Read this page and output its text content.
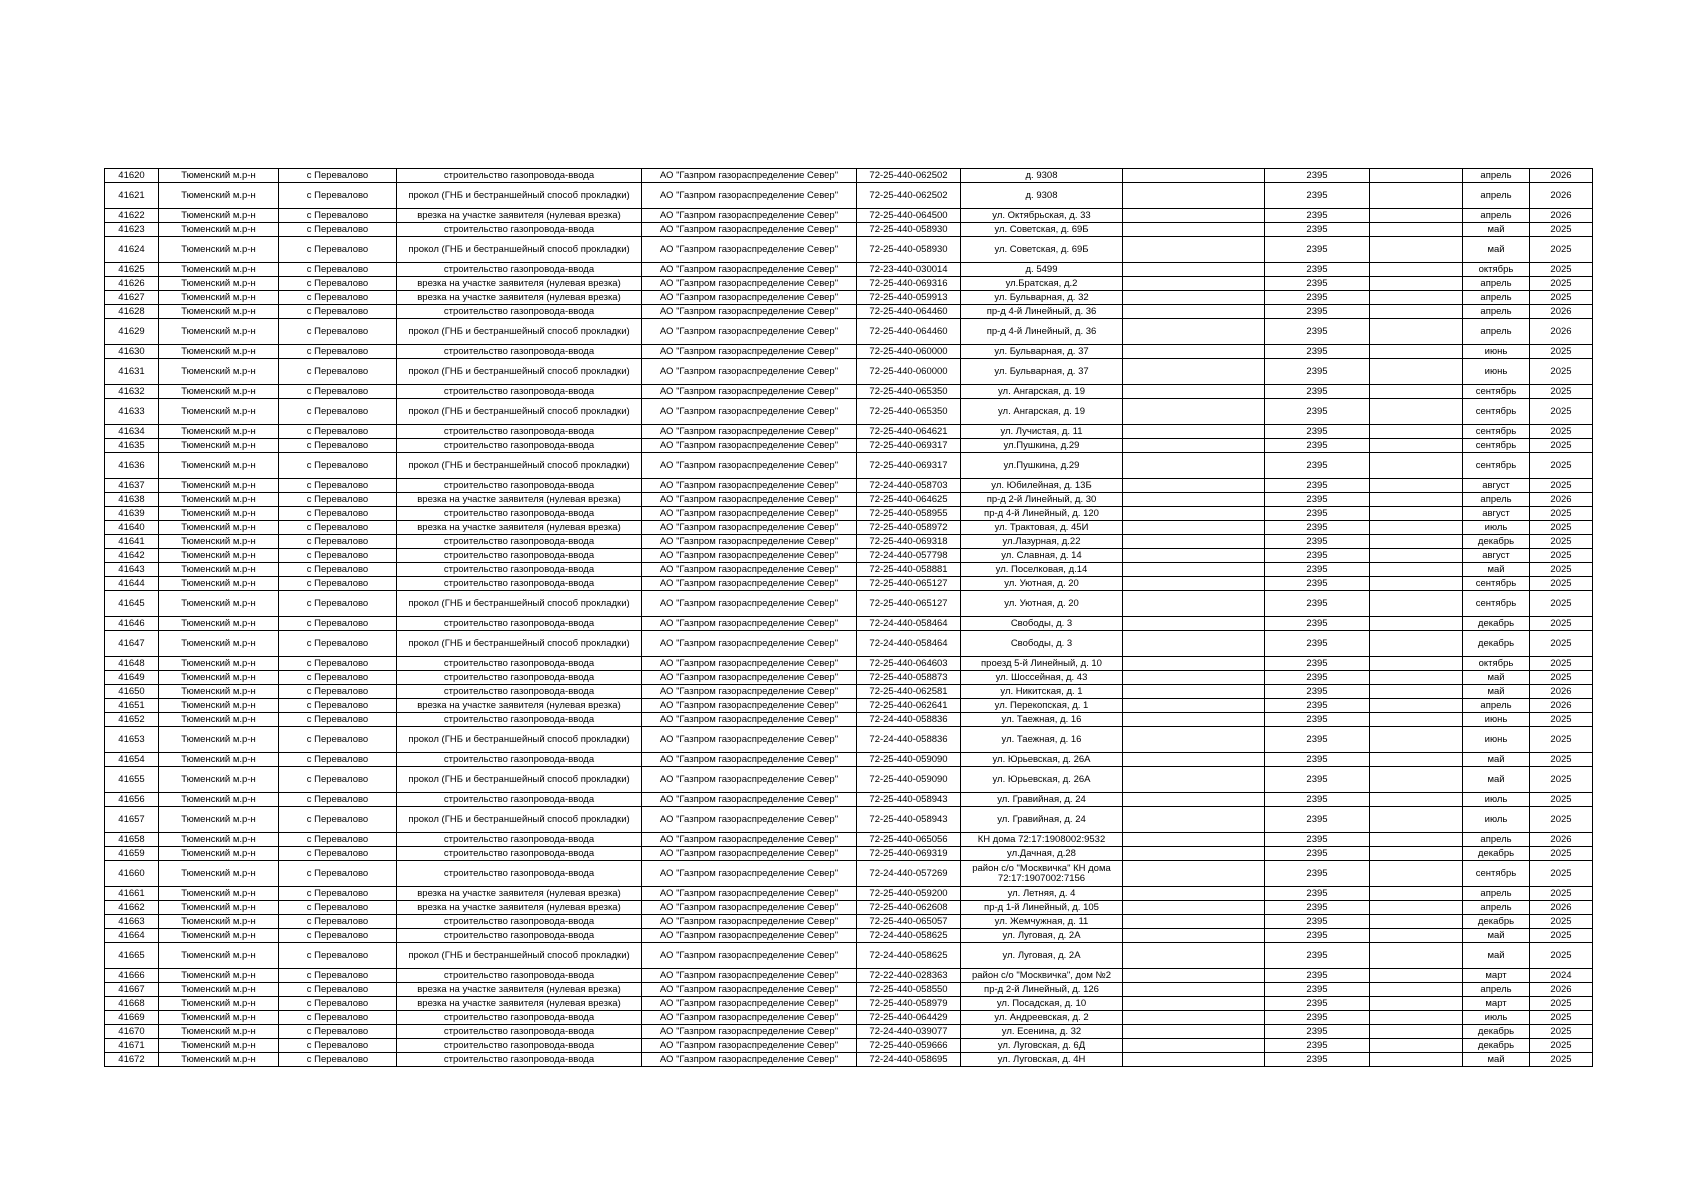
41620	Тюменский м.р-н	с Перевалово	строительство газопровода-ввода	АО "Газпром газораспределение Север"	72-25-440-062502	д. 9308		2395		апрель	2026
41621	Тюменский м.р-н	с Перевалово	прокол (ГНБ и бестраншейный способ прокладки)	АО "Газпром газораспределение Север"	72-25-440-062502	д. 9308		2395		апрель	2026
41622	Тюменский м.р-н	с Перевалово	врезка на участке заявителя (нулевая врезка)	АО "Газпром газораспределение Север"	72-25-440-064500	ул. Октябрьская, д. 33		2395		апрель	2026
41623	Тюменский м.р-н	с Перевалово	строительство газопровода-ввода	АО "Газпром газораспределение Север"	72-25-440-058930	ул. Советская, д. 69Б		2395		май	2025
41624	Тюменский м.р-н	с Перевалово	прокол (ГНБ и бестраншейный способ прокладки)	АО "Газпром газораспределение Север"	72-25-440-058930	ул. Советская, д. 69Б		2395		май	2025
41625	Тюменский м.р-н	с Перевалово	строительство газопровода-ввода	АО "Газпром газораспределение Север"	72-23-440-030014	д. 5499		2395		октябрь	2025
41626	Тюменский м.р-н	с Перевалово	врезка на участке заявителя (нулевая врезка)	АО "Газпром газораспределение Север"	72-25-440-069316	ул.Братская, д.2		2395		апрель	2025
41627	Тюменский м.р-н	с Перевалово	врезка на участке заявителя (нулевая врезка)	АО "Газпром газораспределение Север"	72-25-440-059913	ул. Бульварная, д. 32		2395		апрель	2025
41628	Тюменский м.р-н	с Перевалово	строительство газопровода-ввода	АО "Газпром газораспределение Север"	72-25-440-064460	пр-д 4-й Линейный, д. 36		2395		апрель	2026
41629	Тюменский м.р-н	с Перевалово	прокол (ГНБ и бестраншейный способ прокладки)	АО "Газпром газораспределение Север"	72-25-440-064460	пр-д 4-й Линейный, д. 36		2395		апрель	2026
41630	Тюменский м.р-н	с Перевалово	строительство газопровода-ввода	АО "Газпром газораспределение Север"	72-25-440-060000	ул. Бульварная, д. 37		2395		июнь	2025
41631	Тюменский м.р-н	с Перевалово	прокол (ГНБ и бестраншейный способ прокладки)	АО "Газпром газораспределение Север"	72-25-440-060000	ул. Бульварная, д. 37		2395		июнь	2025
41632	Тюменский м.р-н	с Перевалово	строительство газопровода-ввода	АО "Газпром газораспределение Север"	72-25-440-065350	ул. Ангарская, д. 19		2395		сентябрь	2025
41633	Тюменский м.р-н	с Перевалово	прокол (ГНБ и бестраншейный способ прокладки)	АО "Газпром газораспределение Север"	72-25-440-065350	ул. Ангарская, д. 19		2395		сентябрь	2025
41634	Тюменский м.р-н	с Перевалово	строительство газопровода-ввода	АО "Газпром газораспределение Север"	72-25-440-064621	ул. Лучистая, д. 11		2395		сентябрь	2025
41635	Тюменский м.р-н	с Перевалово	строительство газопровода-ввода	АО "Газпром газораспределение Север"	72-25-440-069317	ул.Пушкина, д.29		2395		сентябрь	2025
41636	Тюменский м.р-н	с Перевалово	прокол (ГНБ и бестраншейный способ прокладки)	АО "Газпром газораспределение Север"	72-25-440-069317	ул.Пушкина, д.29		2395		сентябрь	2025
41637	Тюменский м.р-н	с Перевалово	строительство газопровода-ввода	АО "Газпром газораспределение Север"	72-24-440-058703	ул. Юбилейная, д. 13Б		2395		август	2025
41638	Тюменский м.р-н	с Перевалово	врезка на участке заявителя (нулевая врезка)	АО "Газпром газораспределение Север"	72-25-440-064625	пр-д 2-й Линейный, д. 30		2395		апрель	2026
41639	Тюменский м.р-н	с Перевалово	строительство газопровода-ввода	АО "Газпром газораспределение Север"	72-25-440-058955	пр-д 4-й Линейный, д. 120		2395		август	2025
41640	Тюменский м.р-н	с Перевалово	врезка на участке заявителя (нулевая врезка)	АО "Газпром газораспределение Север"	72-25-440-058972	ул. Трактовая, д. 45И		2395		июль	2025
41641	Тюменский м.р-н	с Перевалово	строительство газопровода-ввода	АО "Газпром газораспределение Север"	72-25-440-069318	ул.Лазурная, д.22		2395		декабрь	2025
41642	Тюменский м.р-н	с Перевалово	строительство газопровода-ввода	АО "Газпром газораспределение Север"	72-24-440-057798	ул. Славная, д. 14		2395		август	2025
41643	Тюменский м.р-н	с Перевалово	строительство газопровода-ввода	АО "Газпром газораспределение Север"	72-25-440-058881	ул. Поселковая, д.14		2395		май	2025
41644	Тюменский м.р-н	с Перевалово	строительство газопровода-ввода	АО "Газпром газораспределение Север"	72-25-440-065127	ул. Уютная, д. 20		2395		сентябрь	2025
41645	Тюменский м.р-н	с Перевалово	прокол (ГНБ и бестраншейный способ прокладки)	АО "Газпром газораспределение Север"	72-25-440-065127	ул. Уютная, д. 20		2395		сентябрь	2025
41646	Тюменский м.р-н	с Перевалово	строительство газопровода-ввода	АО "Газпром газораспределение Север"	72-24-440-058464	Свободы, д. 3		2395		декабрь	2025
41647	Тюменский м.р-н	с Перевалово	прокол (ГНБ и бестраншейный способ прокладки)	АО "Газпром газораспределение Север"	72-24-440-058464	Свободы, д. 3		2395		декабрь	2025
41648	Тюменский м.р-н	с Перевалово	строительство газопровода-ввода	АО "Газпром газораспределение Север"	72-25-440-064603	проезд 5-й Линейный, д. 10		2395		октябрь	2025
41649	Тюменский м.р-н	с Перевалово	строительство газопровода-ввода	АО "Газпром газораспределение Север"	72-25-440-058873	ул. Шоссейная, д. 43		2395		май	2025
41650	Тюменский м.р-н	с Перевалово	строительство газопровода-ввода	АО "Газпром газораспределение Север"	72-25-440-062581	ул. Никитская, д. 1		2395		май	2026
41651	Тюменский м.р-н	с Перевалово	врезка на участке заявителя (нулевая врезка)	АО "Газпром газораспределение Север"	72-25-440-062641	ул. Перекопская, д. 1		2395		апрель	2026
41652	Тюменский м.р-н	с Перевалово	строительство газопровода-ввода	АО "Газпром газораспределение Север"	72-24-440-058836	ул. Таежная, д. 16		2395		июнь	2025
41653	Тюменский м.р-н	с Перевалово	прокол (ГНБ и бестраншейный способ прокладки)	АО "Газпром газораспределение Север"	72-24-440-058836	ул. Таежная, д. 16		2395		июнь	2025
41654	Тюменский м.р-н	с Перевалово	строительство газопровода-ввода	АО "Газпром газораспределение Север"	72-25-440-059090	ул. Юрьевская, д. 26А		2395		май	2025
41655	Тюменский м.р-н	с Перевалово	прокол (ГНБ и бестраншейный способ прокладки)	АО "Газпром газораспределение Север"	72-25-440-059090	ул. Юрьевская, д. 26А		2395		май	2025
41656	Тюменский м.р-н	с Перевалово	строительство газопровода-ввода	АО "Газпром газораспределение Север"	72-25-440-058943	ул. Гравийная, д. 24		2395		июль	2025
41657	Тюменский м.р-н	с Перевалово	прокол (ГНБ и бестраншейный способ прокладки)	АО "Газпром газораспределение Север"	72-25-440-058943	ул. Гравийная, д. 24		2395		июль	2025
41658	Тюменский м.р-н	с Перевалово	строительство газопровода-ввода	АО "Газпром газораспределение Север"	72-25-440-065056	КН дома 72:17:1908002:9532		2395		апрель	2026
41659	Тюменский м.р-н	с Перевалово	строительство газопровода-ввода	АО "Газпром газораспределение Север"	72-25-440-069319	ул.Дачная, д.28		2395		декабрь	2025
41660	Тюменский м.р-н	с Перевалово	строительство газопровода-ввода	АО "Газпром газораспределение Север"	72-24-440-057269	район с/о "Москвичка" КН дома 72:17:1907002:7156		2395		сентябрь	2025
41661	Тюменский м.р-н	с Перевалово	врезка на участке заявителя (нулевая врезка)	АО "Газпром газораспределение Север"	72-25-440-059200	ул. Летняя, д. 4		2395		апрель	2025
41662	Тюменский м.р-н	с Перевалово	врезка на участке заявителя (нулевая врезка)	АО "Газпром газораспределение Север"	72-25-440-062608	пр-д 1-й Линейный, д. 105		2395		апрель	2026
41663	Тюменский м.р-н	с Перевалово	строительство газопровода-ввода	АО "Газпром газораспределение Север"	72-25-440-065057	ул. Жемчужная, д. 11		2395		декабрь	2025
41664	Тюменский м.р-н	с Перевалово	строительство газопровода-ввода	АО "Газпром газораспределение Север"	72-24-440-058625	ул. Луговая, д. 2А		2395		май	2025
41665	Тюменский м.р-н	с Перевалово	прокол (ГНБ и бестраншейный способ прокладки)	АО "Газпром газораспределение Север"	72-24-440-058625	ул. Луговая, д. 2А		2395		май	2025
41666	Тюменский м.р-н	с Перевалово	строительство газопровода-ввода	АО "Газпром газораспределение Север"	72-22-440-028363	район с/о "Москвичка", дом №2		2395		март	2024
41667	Тюменский м.р-н	с Перевалово	врезка на участке заявителя (нулевая врезка)	АО "Газпром газораспределение Север"	72-25-440-058550	пр-д 2-й Линейный, д. 126		2395		апрель	2026
41668	Тюменский м.р-н	с Перевалово	врезка на участке заявителя (нулевая врезка)	АО "Газпром газораспределение Север"	72-25-440-058979	ул. Посадская, д. 10		2395		март	2025
41669	Тюменский м.р-н	с Перевалово	строительство газопровода-ввода	АО "Газпром газораспределение Север"	72-25-440-064429	ул. Андреевская, д. 2		2395		июль	2025
41670	Тюменский м.р-н	с Перевалово	строительство газопровода-ввода	АО "Газпром газораспределение Север"	72-24-440-039077	ул. Есенина, д. 32		2395		декабрь	2025
41671	Тюменский м.р-н	с Перевалово	строительство газопровода-ввода	АО "Газпром газораспределение Север"	72-25-440-059666	ул. Луговская, д. 6Д		2395		декабрь	2025
41672	Тюменский м.р-н	с Перевалово	строительство газопровода-ввода	АО "Газпром газораспределение Север"	72-24-440-058695	ул. Луговская, д. 4Н		2395		май	2025
